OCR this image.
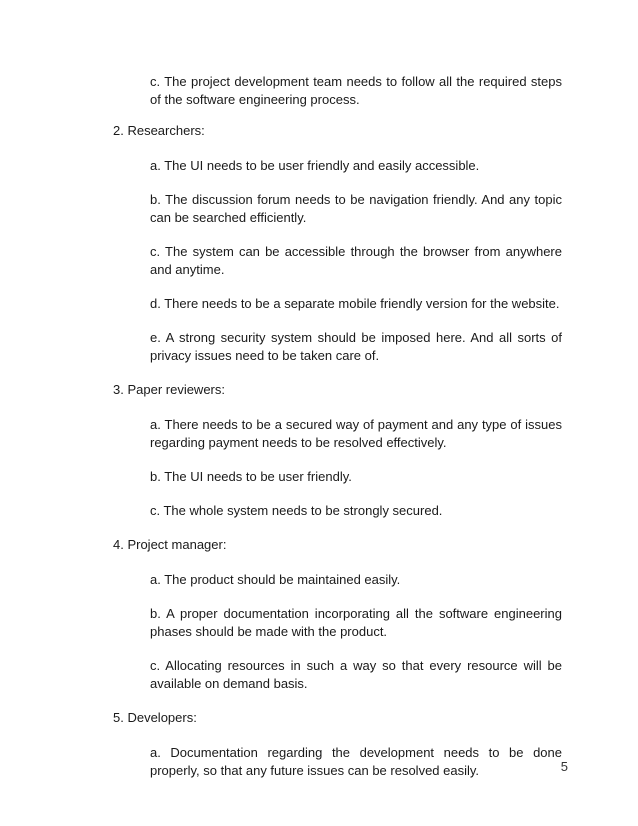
c. The project development team needs to follow all the required steps of the software engineering process.

2. Researchers:

a. The UI needs to be user friendly and easily accessible.

b. The discussion forum needs to be navigation friendly. And any topic can be searched efficiently.

c. The system can be accessible through the browser from anywhere and anytime.

d. There needs to be a separate mobile friendly version for the website.

e. A strong security system should be imposed here. And all sorts of privacy issues need to be taken care of.

3. Paper reviewers:

a. There needs to be a secured way of payment and any type of issues regarding payment needs to be resolved effectively.

b. The UI needs to be user friendly.

c. The whole system needs to be strongly secured.

4. Project manager:

a. The product should be maintained easily.

b. A proper documentation incorporating all the software engineering phases should be made with the product.

c. Allocating resources in such a way so that every resource will be available on demand basis.

5. Developers:

a. Documentation regarding the development needs to be done properly, so that any future issues can be resolved easily.	5
